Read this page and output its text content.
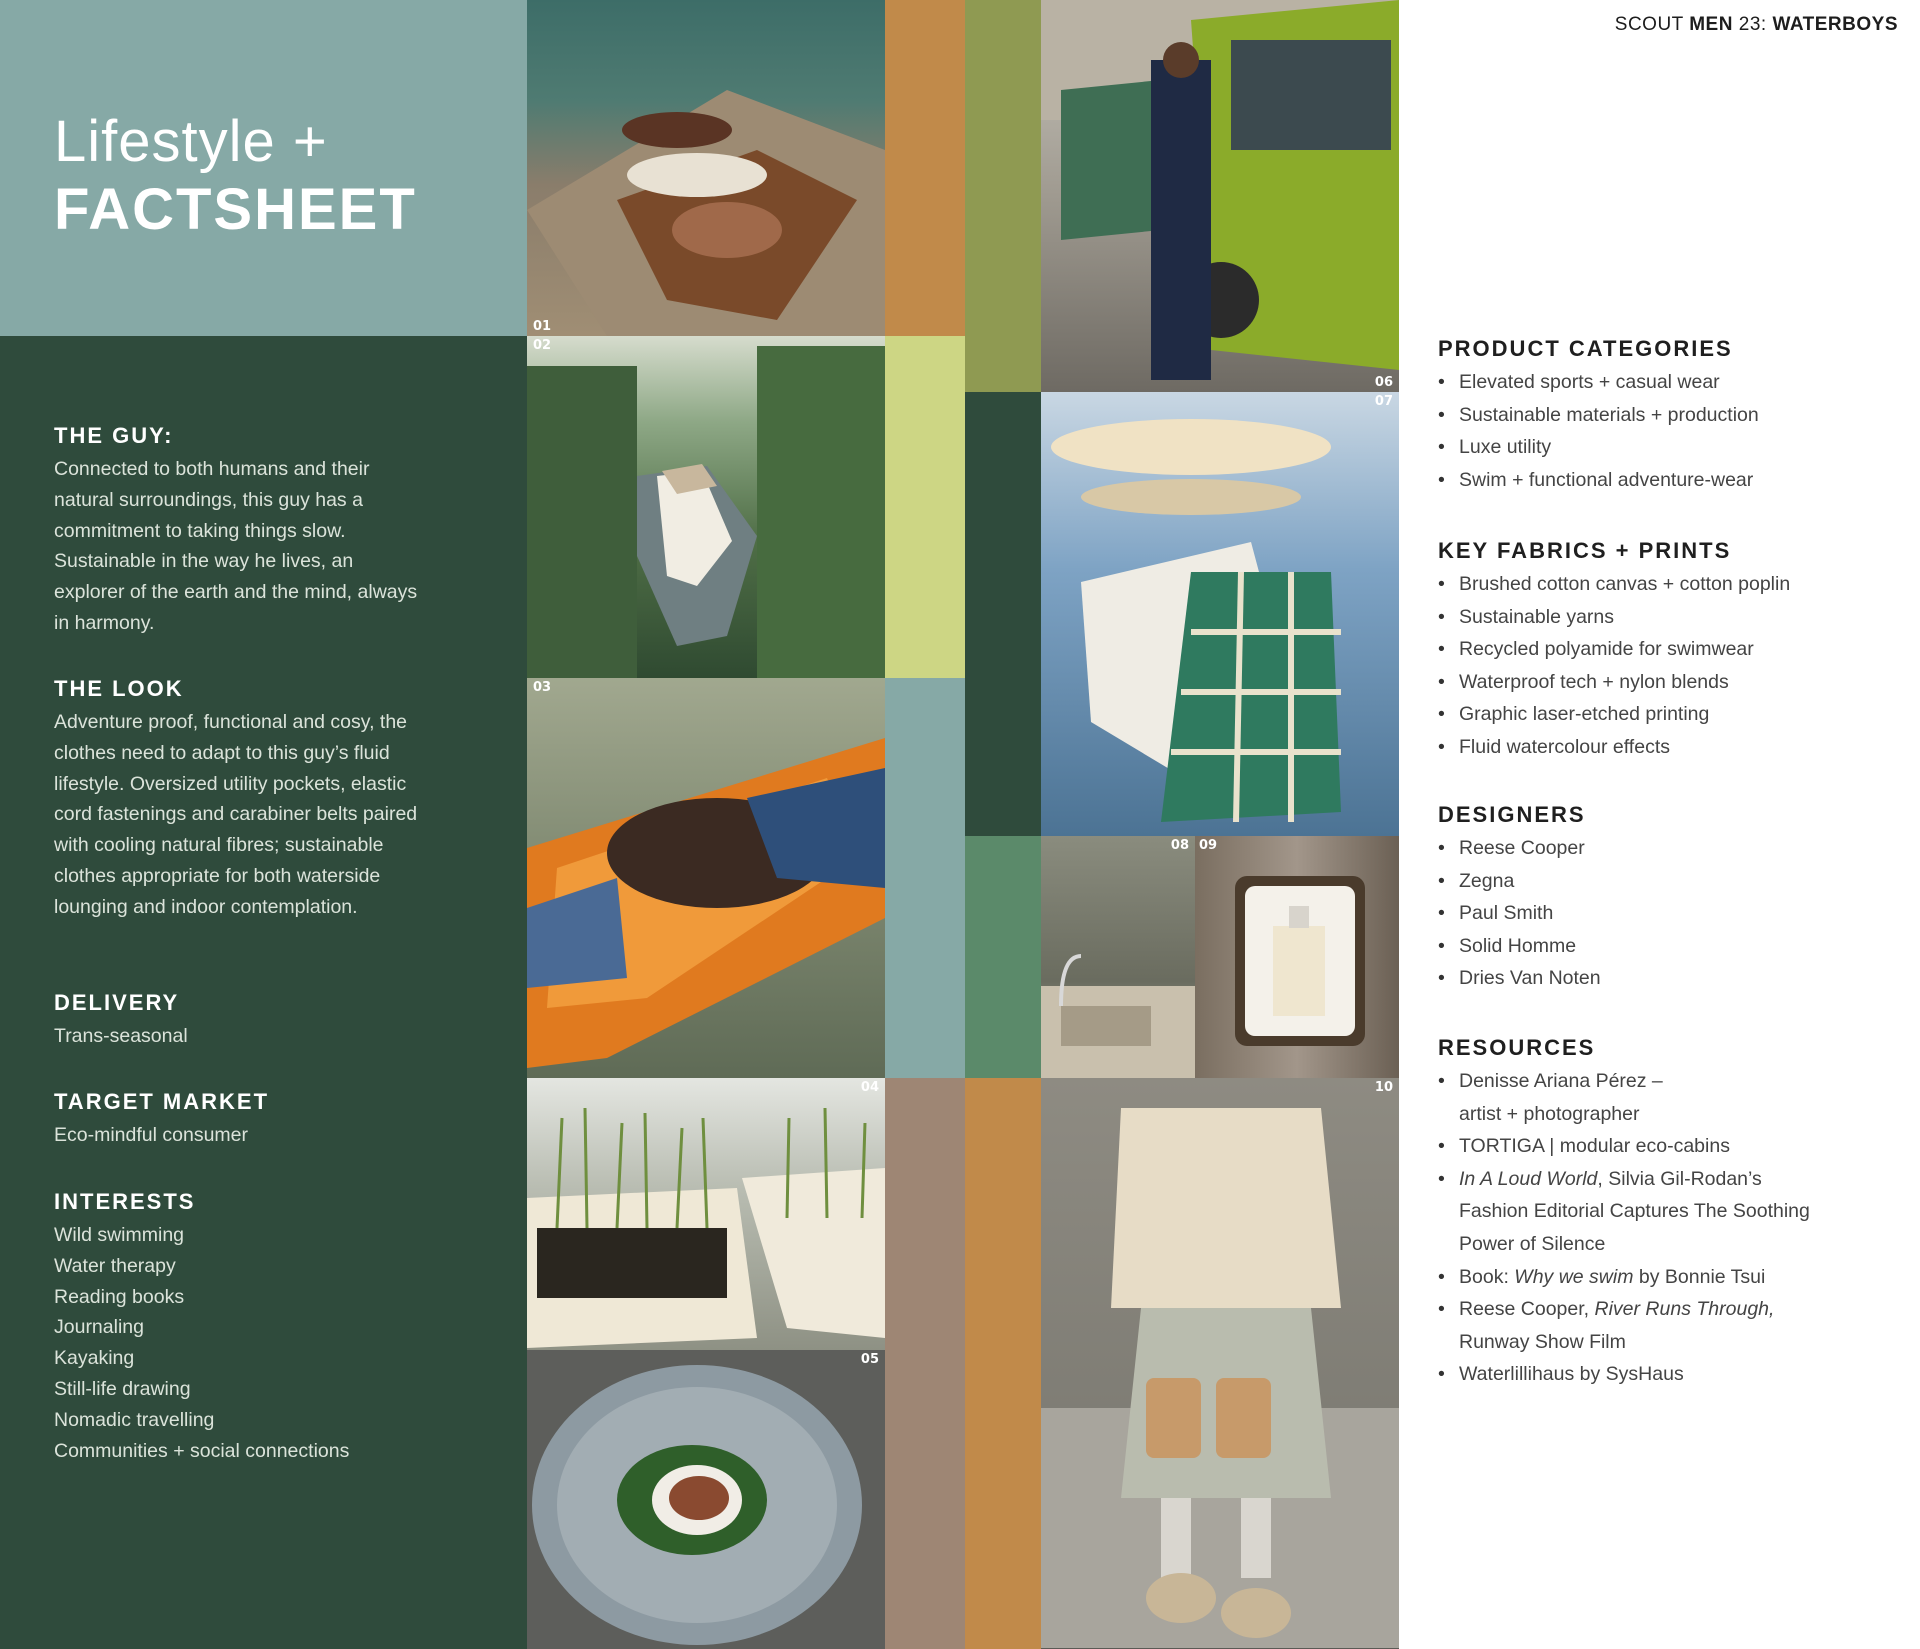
Lifestyle +
FACTSHEET
THE GUY:

Connected to both humans and their natural surroundings, this guy has a commitment to taking things slow. Sustainable in the way he lives, an explorer of the earth and the mind, always in harmony.

THE LOOK

Adventure proof, functional and cosy, the clothes need to adapt to this guy’s fluid lifestyle. Oversized utility pockets, elastic cord fastenings and carabiner belts paired with cooling natural fibres; sustainable clothes appropriate for both waterside lounging and indoor contemplation.

DELIVERY

Trans-seasonal

TARGET MARKET

Eco-mindful consumer

INTERESTS
Wild swimming
Water therapy
Reading books
Journaling
Kayaking
Still-life drawing
Nomadic travelling
Communities + social connections
01
02
03
04
05
06
07
08 09
10
SCOUT MEN 23: WATERBOYS
PRODUCT CATEGORIES
• Elevated sports + casual wear
• Sustainable materials + production
• Luxe utility
• Swim + functional adventure-wear
KEY FABRICS + PRINTS
• Brushed cotton canvas + cotton poplin
• Sustainable yarns
• Recycled polyamide for swimwear
• Waterproof tech + nylon blends
• Graphic laser-etched printing
• Fluid watercolour effects
DESIGNERS
• Reese Cooper
• Zegna
• Paul Smith
• Solid Homme
• Dries Van Noten
RESOURCES
• Denisse Ariana Pérez –
artist + photographer
• TORTIGA | modular eco-cabins
• In A Loud World, Silvia Gil-Rodan’s
Fashion Editorial Captures The Soothing
Power of Silence
• Book: Why we swim by Bonnie Tsui
• Reese Cooper, River Runs Through,
Runway Show Film
• Waterlillihaus by SysHaus
